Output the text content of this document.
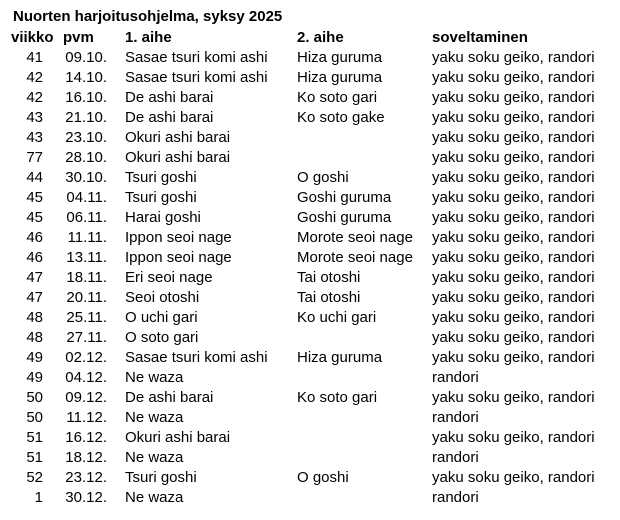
Nuorten harjoitusohjelma, syksy 2025
viikko	pvm	1. aihe	2. aihe	soveltaminen
41	09.10.	Sasae tsuri komi ashi	Hiza guruma	yaku soku geiko, randori
42	14.10.	Sasae tsuri komi ashi	Hiza guruma	yaku soku geiko, randori
42	16.10.	De ashi barai	Ko soto gari	yaku soku geiko, randori
43	21.10.	De ashi barai	Ko soto gake	yaku soku geiko, randori
43	23.10.	Okuri ashi barai		yaku soku geiko, randori
77	28.10.	Okuri ashi barai		yaku soku geiko, randori
44	30.10.	Tsuri goshi	O goshi	yaku soku geiko, randori
45	04.11.	Tsuri goshi	Goshi guruma	yaku soku geiko, randori
45	06.11.	Harai goshi	Goshi guruma	yaku soku geiko, randori
46	11.11.	Ippon seoi nage	Morote seoi nage	yaku soku geiko, randori
46	13.11.	Ippon seoi nage	Morote seoi nage	yaku soku geiko, randori
47	18.11.	Eri seoi nage	Tai otoshi	yaku soku geiko, randori
47	20.11.	Seoi otoshi	Tai otoshi	yaku soku geiko, randori
48	25.11.	O uchi gari	Ko uchi gari	yaku soku geiko, randori
48	27.11.	O soto gari		yaku soku geiko, randori
49	02.12.	Sasae tsuri komi ashi	Hiza guruma	yaku soku geiko, randori
49	04.12.	Ne waza		randori
50	09.12.	De ashi barai	Ko soto gari	yaku soku geiko, randori
50	11.12.	Ne waza		randori
51	16.12.	Okuri ashi barai		yaku soku geiko, randori
51	18.12.	Ne waza		randori
52	23.12.	Tsuri goshi	O goshi	yaku soku geiko, randori
1	30.12.	Ne waza		randori
